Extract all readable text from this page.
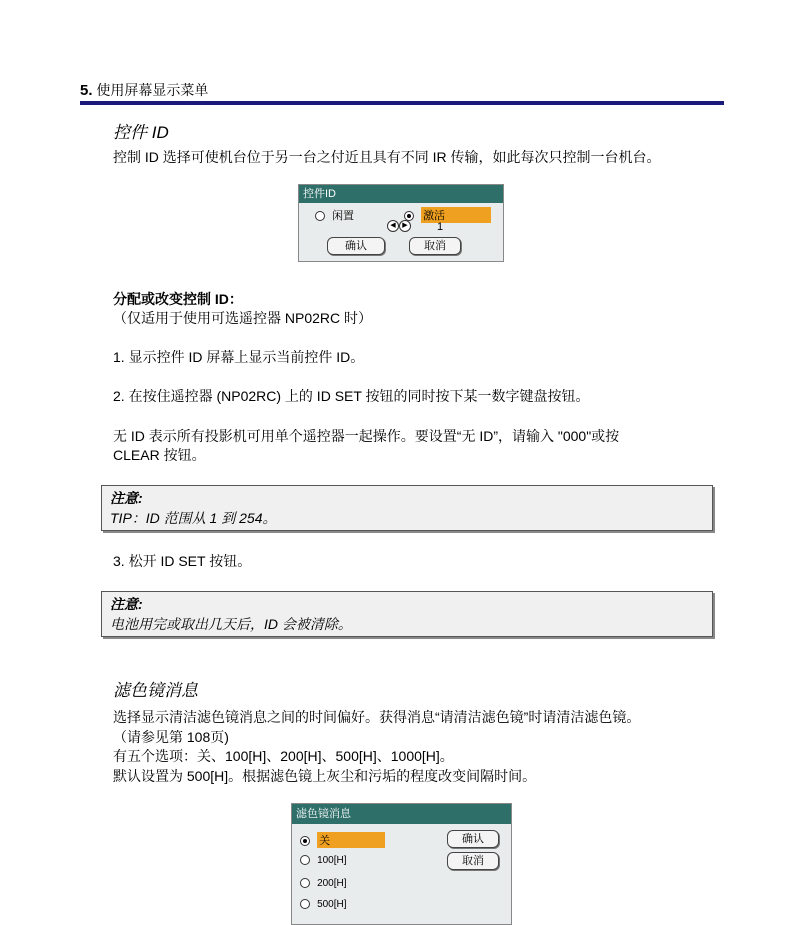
5. 使用屏幕显示菜单
控件 ID
控制 ID 选择可使机台位于另一台之付近且具有不同 IR 传输，如此每次只控制一台机台。
控件ID
闲置	激活
◀ ▶	1
确认	取消
分配或改变控制 ID：
（仅适用于使用可选遥控器 NP02RC 时）
1. 显示控件 ID 屏幕上显示当前控件 ID。
2. 在按住遥控器 (NP02RC) 上的 ID SET 按钮的同时按下某一数字键盘按钮。
无 ID 表示所有投影机可用单个遥控器一起操作。要设置“无 ID”，请输入 "000"或按
CLEAR 按钮。
注意:
TIP：ID 范围从 1 到 254。
3. 松开 ID SET 按钮。
注意:
电池用完或取出几天后，ID 会被清除。
滤色镜消息
选择显示清洁滤色镜消息之间的时间偏好。获得消息“请清洁滤色镜”时请清洁滤色镜。
（请参见第 108页)
有五个选项：关、100[H]、200[H]、500[H]、1000[H]。
默认设置为 500[H]。根据滤色镜上灰尘和污垢的程度改变间隔时间。
滤色镜消息
关
100[H]
200[H]
500[H]
确认
取消
